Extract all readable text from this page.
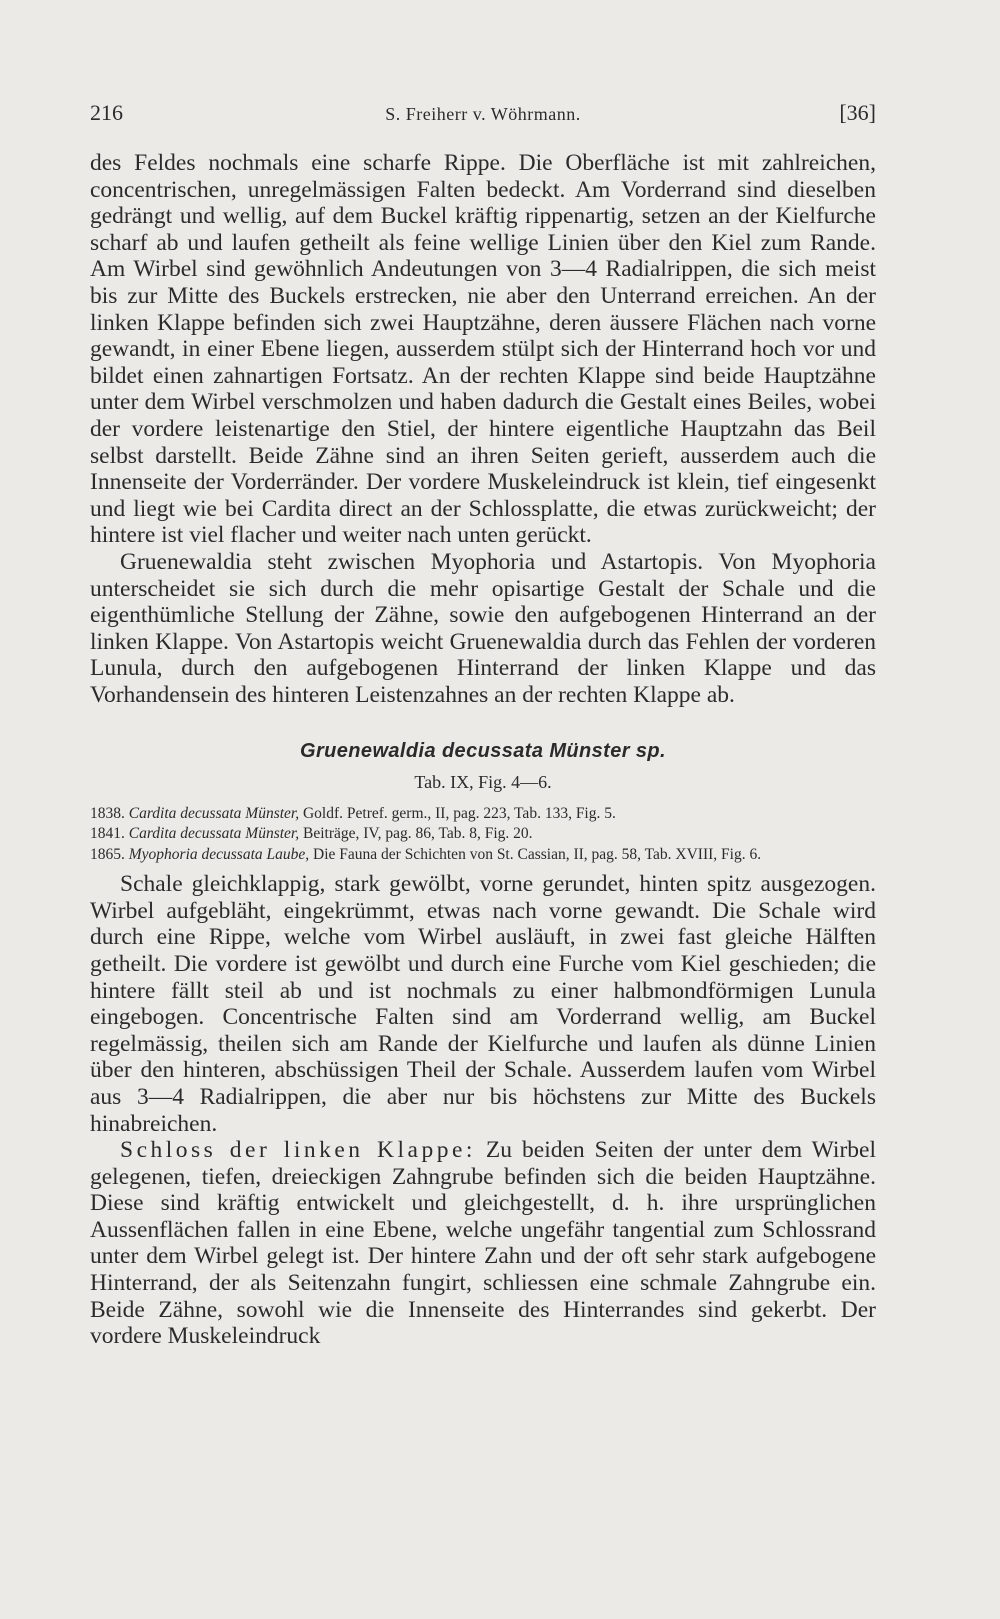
216	S. Freiherr v. Wöhrmann.	[36]

des Feldes nochmals eine scharfe Rippe. Die Oberfläche ist mit zahlreichen, concentrischen, unregelmässigen Falten bedeckt. Am Vorderrand sind dieselben gedrängt und wellig, auf dem Buckel kräftig rippenartig, setzen an der Kielfurche scharf ab und laufen getheilt als feine wellige Linien über den Kiel zum Rande. Am Wirbel sind gewöhnlich Andeutungen von 3—4 Radialrippen, die sich meist bis zur Mitte des Buckels erstrecken, nie aber den Unterrand erreichen. An der linken Klappe befinden sich zwei Hauptzähne, deren äussere Flächen nach vorne gewandt, in einer Ebene liegen, ausserdem stülpt sich der Hinterrand hoch vor und bildet einen zahnartigen Fortsatz. An der rechten Klappe sind beide Hauptzähne unter dem Wirbel verschmolzen und haben dadurch die Gestalt eines Beiles, wobei der vordere leistenartige den Stiel, der hintere eigentliche Hauptzahn das Beil selbst darstellt. Beide Zähne sind an ihren Seiten gerieft, ausserdem auch die Innenseite der Vorderränder. Der vordere Muskeleindruck ist klein, tief eingesenkt und liegt wie bei Cardita direct an der Schlossplatte, die etwas zurückweicht; der hintere ist viel flacher und weiter nach unten gerückt.

Gruenewaldia steht zwischen Myophoria und Astartopis. Von Myophoria unterscheidet sie sich durch die mehr opisartige Gestalt der Schale und die eigenthümliche Stellung der Zähne, sowie den aufgebogenen Hinterrand an der linken Klappe. Von Astartopis weicht Gruenewaldia durch das Fehlen der vorderen Lunula, durch den aufgebogenen Hinterrand der linken Klappe und das Vorhandensein des hinteren Leistenzahnes an der rechten Klappe ab.

Gruenewaldia decussata Münster sp.
Tab. IX, Fig. 4—6.
1838. Cardita decussata Münster, Goldf. Petref. germ., II, pag. 223, Tab. 133, Fig. 5.
1841. Cardita decussata Münster, Beiträge, IV, pag. 86, Tab. 8, Fig. 20.
1865. Myophoria decussata Laube, Die Fauna der Schichten von St. Cassian, II, pag. 58, Tab. XVIII, Fig. 6.

Schale gleichklappig, stark gewölbt, vorne gerundet, hinten spitz ausgezogen. Wirbel aufgebläht, eingekrümmt, etwas nach vorne gewandt. Die Schale wird durch eine Rippe, welche vom Wirbel ausläuft, in zwei fast gleiche Hälften getheilt. Die vordere ist gewölbt und durch eine Furche vom Kiel geschieden; die hintere fällt steil ab und ist nochmals zu einer halbmondförmigen Lunula eingebogen. Concentrische Falten sind am Vorderrand wellig, am Buckel regelmässig, theilen sich am Rande der Kielfurche und laufen als dünne Linien über den hinteren, abschüssigen Theil der Schale. Ausserdem laufen vom Wirbel aus 3—4 Radialrippen, die aber nur bis höchstens zur Mitte des Buckels hinabreichen.

Schloss der linken Klappe: Zu beiden Seiten der unter dem Wirbel gelegenen, tiefen, dreieckigen Zahngrube befinden sich die beiden Hauptzähne. Diese sind kräftig entwickelt und gleichgestellt, d. h. ihre ursprünglichen Aussenflächen fallen in eine Ebene, welche ungefähr tangential zum Schlossrand unter dem Wirbel gelegt ist. Der hintere Zahn und der oft sehr stark aufgebogene Hinterrand, der als Seitenzahn fungirt, schliessen eine schmale Zahngrube ein. Beide Zähne, sowohl wie die Innenseite des Hinterrandes sind gekerbt. Der vordere Muskeleindruck
